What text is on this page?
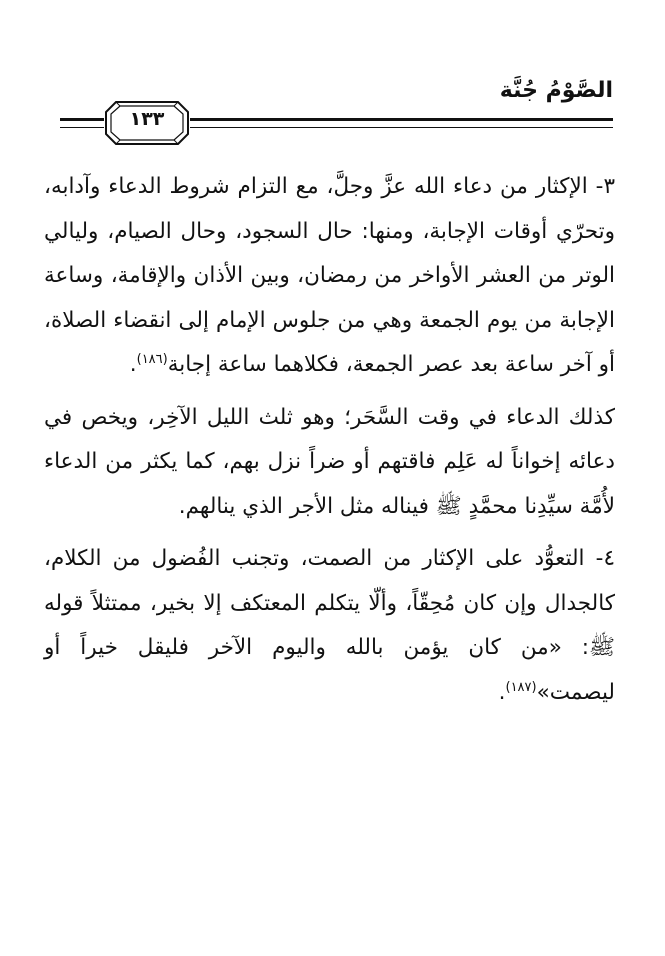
الصَّوْمُ جُنَّة
١٣٣

٣- الإكثار من دعاء الله عزَّ وجلَّ، مع التزام شروط الدعاء وآدابه، وتحرّي أوقات الإجابة، ومنها: حال السجود، وحال الصيام، وليالي الوتر من العشر الأواخر من رمضان، وبين الأذان والإقامة، وساعة الإجابة من يوم الجمعة وهي من جلوس الإمام إلى انقضاء الصلاة، أو آخر ساعة بعد عصر الجمعة، فكلاهما ساعة إجابة$^{(١٨٦)}$.

كذلك الدعاء في وقت السَّحَر؛ وهو ثلث الليل الآخِر، ويخص في دعائه إخواناً له عَلِم فاقتهم أو ضراً نزل بهم، كما يكثر من الدعاء لأُمَّة سيِّدِنا محمَّدٍ ﷺ فيناله مثل الأجر الذي ينالهم.

٤- التعوُّد على الإكثار من الصمت، وتجنب الفُضول من الكلام، كالجدال وإن كان مُحِقّاً، وألّا يتكلم المعتكف إلا بخير، ممتثلاً قوله ﷺ: «من كان يؤمن بالله واليوم الآخر فليقل خيراً أو ليصمت»$^{(١٨٧)}$.
